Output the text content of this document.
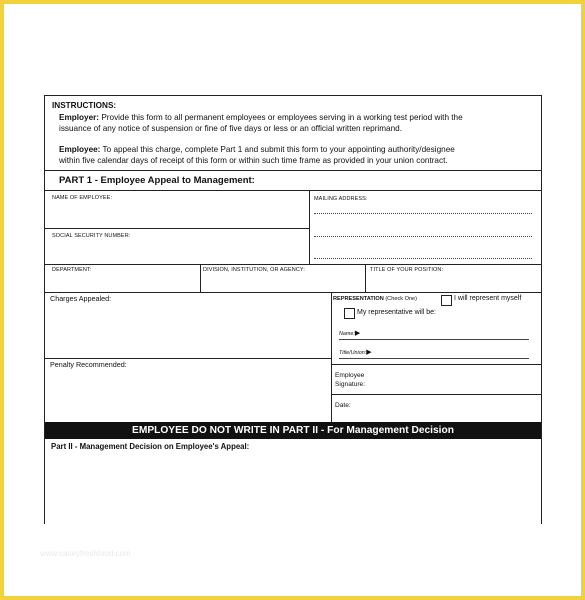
www.caseyfreshfood.com
INSTRUCTIONS:
Employer: Provide this form to all permanent employees or employees serving in a working test period with the
issuance of any notice of suspension or fine of five days or less or an official written reprimand.
Employee: To appeal this charge, complete Part 1 and submit this form to your appointing authority/designee
within five calendar days of receipt of this form or within such time frame as provided in your union contract.
PART 1 - Employee Appeal to Management:
NAME OF EMPLOYEE:	MAILING ADDRESS:
SOCIAL SECURITY NUMBER:
DEPARTMENT:	DIVISION, INSTITUTION, OR AGENCY:	TITLE OF YOUR POSITION:
Charges Appealed:
Penalty Recommended:
REPRESENTATION (Check One)	I will represent myself
My representative will be:
Name:▶
Title/Union:▶
Employee
Signature:
Date:
EMPLOYEE DO NOT WRITE IN PART II - For Management Decision
Part II - Management Decision on Employee's Appeal:
